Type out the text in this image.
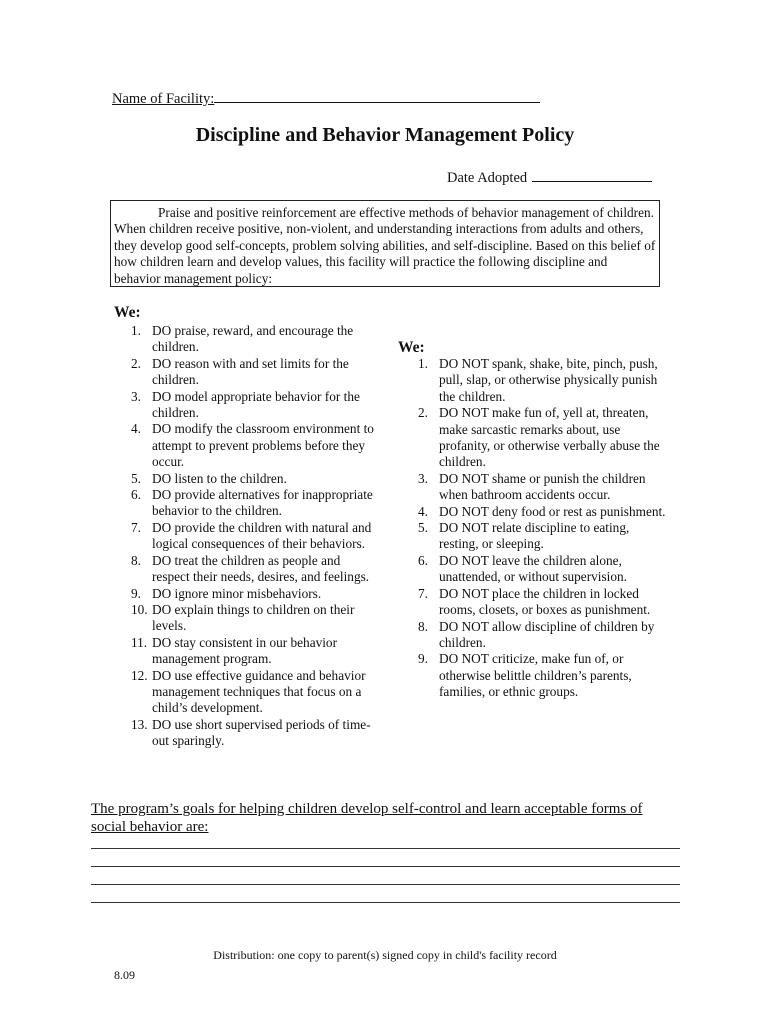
Name of Facility:
Discipline and Behavior Management Policy
Date Adopted
Praise and positive reinforcement are effective methods of behavior management of children. When children receive positive, non-violent, and understanding interactions from adults and others, they develop good self-concepts, problem solving abilities, and self-discipline. Based on this belief of how children learn and develop values, this facility will practice the following discipline and behavior management policy:
We:
1. DO praise, reward, and encourage the children.
2. DO reason with and set limits for the children.
3. DO model appropriate behavior for the children.
4. DO modify the classroom environment to attempt to prevent problems before they occur.
5. DO listen to the children.
6. DO provide alternatives for inappropriate behavior to the children.
7. DO provide the children with natural and logical consequences of their behaviors.
8. DO treat the children as people and respect their needs, desires, and feelings.
9. DO ignore minor misbehaviors.
10. DO explain things to children on their levels.
11. DO stay consistent in our behavior management program.
12. DO use effective guidance and behavior management techniques that focus on a child’s development.
13. DO use short supervised periods of time-out sparingly.
We:
1. DO NOT spank, shake, bite, pinch, push, pull, slap, or otherwise physically punish the children.
2. DO NOT make fun of, yell at, threaten, make sarcastic remarks about, use profanity, or otherwise verbally abuse the children.
3. DO NOT shame or punish the children when bathroom accidents occur.
4. DO NOT deny food or rest as punishment.
5. DO NOT relate discipline to eating, resting, or sleeping.
6. DO NOT leave the children alone, unattended, or without supervision.
7. DO NOT place the children in locked rooms, closets, or boxes as punishment.
8. DO NOT allow discipline of children by children.
9. DO NOT criticize, make fun of, or otherwise belittle children’s parents, families, or ethnic groups.
The program’s goals for helping children develop self-control and learn acceptable forms of social behavior are:
Distribution: one copy to parent(s) signed copy in child's facility record
8.09
